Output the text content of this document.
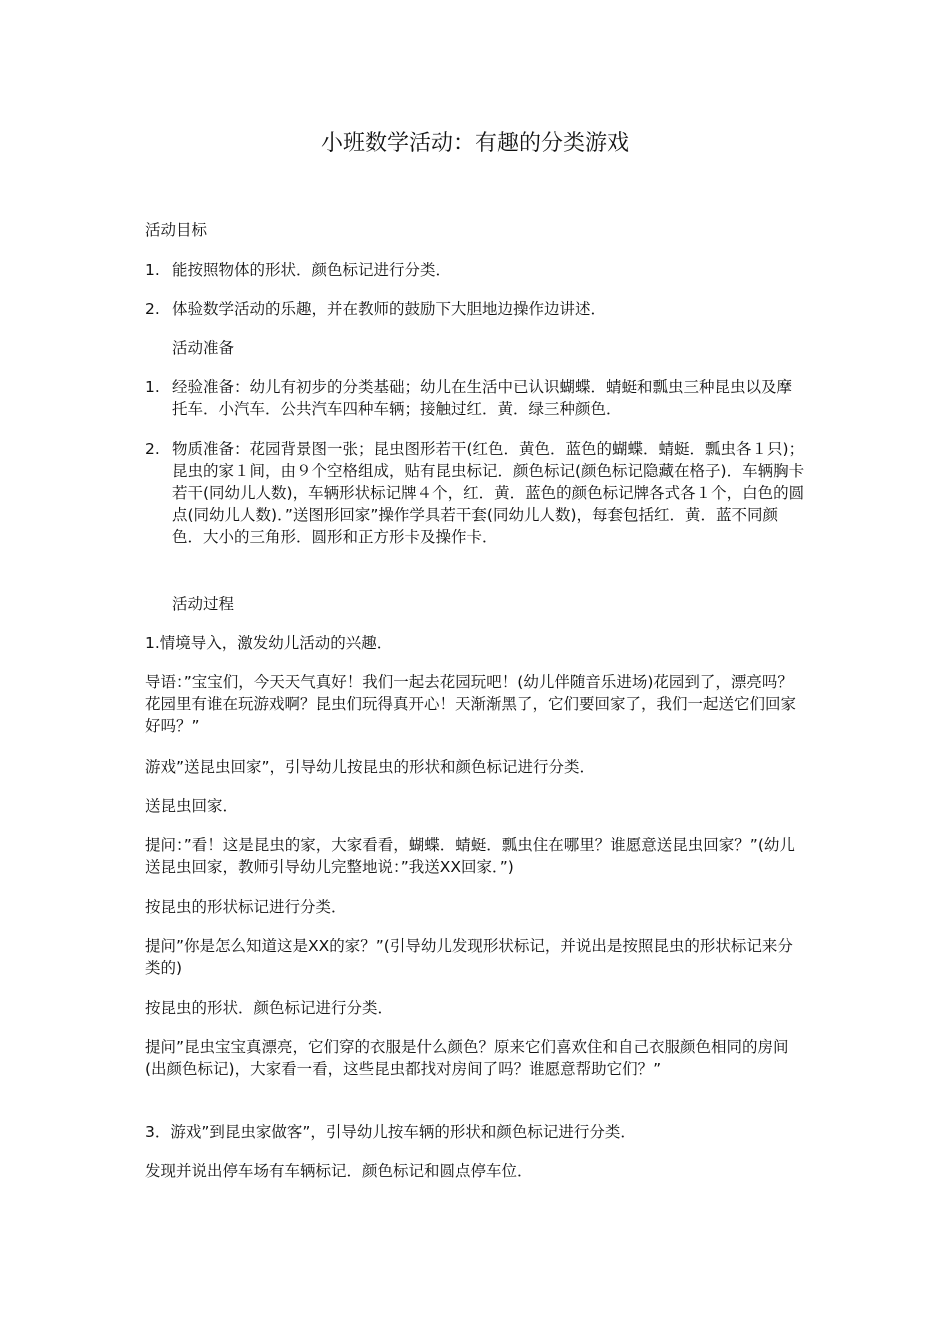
小班数学活动：有趣的分类游戏
活动目标
1. 能按照物体的形状．颜色标记进行分类．
2. 体验数学活动的乐趣，并在教师的鼓励下大胆地边操作边讲述．
活动准备
1. 经验准备：幼儿有初步的分类基础；幼儿在生活中已认识蝴蝶．蜻蜓和瓢虫三种昆虫以及摩托车．小汽车．公共汽车四种车辆；接触过红．黄．绿三种颜色．
2. 物质准备：花园背景图一张；昆虫图形若干(红色．黄色．蓝色的蝴蝶．蜻蜓．瓢虫各１只)；昆虫的家１间，由９个空格组成，贴有昆虫标记．颜色标记(颜色标记隐藏在格子)．车辆胸卡若干(同幼儿人数)，车辆形状标记牌４个，红．黄．蓝色的颜色标记牌各式各１个，白色的圆点(同幼儿人数)．”送图形回家”操作学具若干套(同幼儿人数)，每套包括红．黄．蓝不同颜色．大小的三角形．圆形和正方形卡及操作卡．
活动过程
1.情境导入，激发幼儿活动的兴趣．
导语：”宝宝们，今天天气真好！我们一起去花园玩吧！(幼儿伴随音乐进场)花园到了，漂亮吗？花园里有谁在玩游戏啊？昆虫们玩得真开心！天渐渐黑了，它们要回家了，我们一起送它们回家好吗？”
游戏”送昆虫回家”，引导幼儿按昆虫的形状和颜色标记进行分类．
送昆虫回家．
提问：”看！这是昆虫的家，大家看看，蝴蝶．蜻蜓．瓢虫住在哪里？谁愿意送昆虫回家？”(幼儿送昆虫回家，教师引导幼儿完整地说：”我送XX回家．”)
按昆虫的形状标记进行分类．
提问”你是怎么知道这是XX的家？”(引导幼儿发现形状标记，并说出是按照昆虫的形状标记来分类的)
按昆虫的形状．颜色标记进行分类．
提问”昆虫宝宝真漂亮，它们穿的衣服是什么颜色？原来它们喜欢住和自己衣服颜色相同的房间(出颜色标记)，大家看一看，这些昆虫都找对房间了吗？谁愿意帮助它们？”
3．游戏”到昆虫家做客”，引导幼儿按车辆的形状和颜色标记进行分类．
发现并说出停车场有车辆标记．颜色标记和圆点停车位．
